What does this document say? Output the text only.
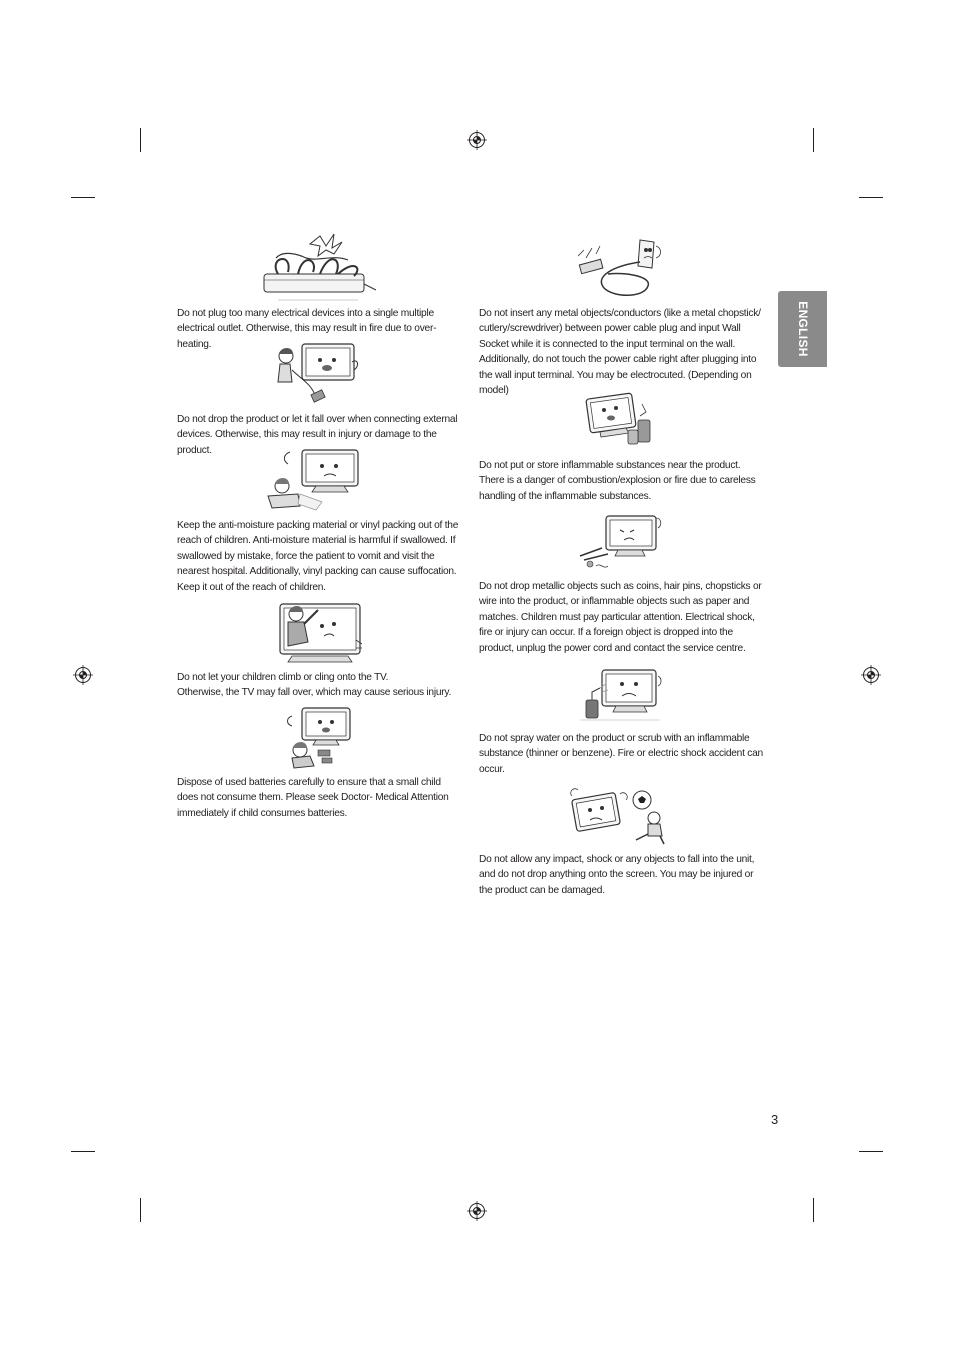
ENGLISH

Do not plug too many electrical devices into a single multiple electrical outlet. Otherwise, this may result in fire due to over-heating.

Do not drop the product or let it fall over when connecting external devices. Otherwise, this may result in injury or damage to the product.

Keep the anti-moisture packing material or vinyl packing out of the reach of children. Anti-moisture material is harmful if swallowed. If swallowed by mistake, force the patient to vomit and visit the nearest hospital. Additionally, vinyl packing can cause suffocation. Keep it out of the reach of children.

Do not let your children climb or cling onto the TV.
Otherwise, the TV may fall over, which may cause serious injury.

Dispose of used batteries carefully to ensure that a small child does not consume them. Please seek Doctor- Medical Attention immediately if child consumes batteries.

Do not insert any metal objects/conductors (like a metal chopstick/ cutlery/screwdriver) between power cable plug and input Wall Socket while it is connected to the input terminal on the wall. Additionally, do not touch the power cable right after plugging into the wall input terminal. You may be electrocuted. (Depending on model)

Do not put or store inflammable substances near the product. There is a danger of combustion/explosion or fire due to careless handling of the inflammable substances.

Do not drop metallic objects such as coins, hair pins, chopsticks or wire into the product, or inflammable objects such as paper and matches. Children must pay particular attention. Electrical shock, fire or injury can occur. If a foreign object is dropped into the product, unplug the power cord and contact the service centre.

Do not spray water on the product or scrub with an inflammable substance (thinner or benzene). Fire or electric shock accident can occur.

Do not allow any impact, shock or any objects to fall into the unit, and do not drop anything onto the screen. You may be injured or the product can be damaged.

3
